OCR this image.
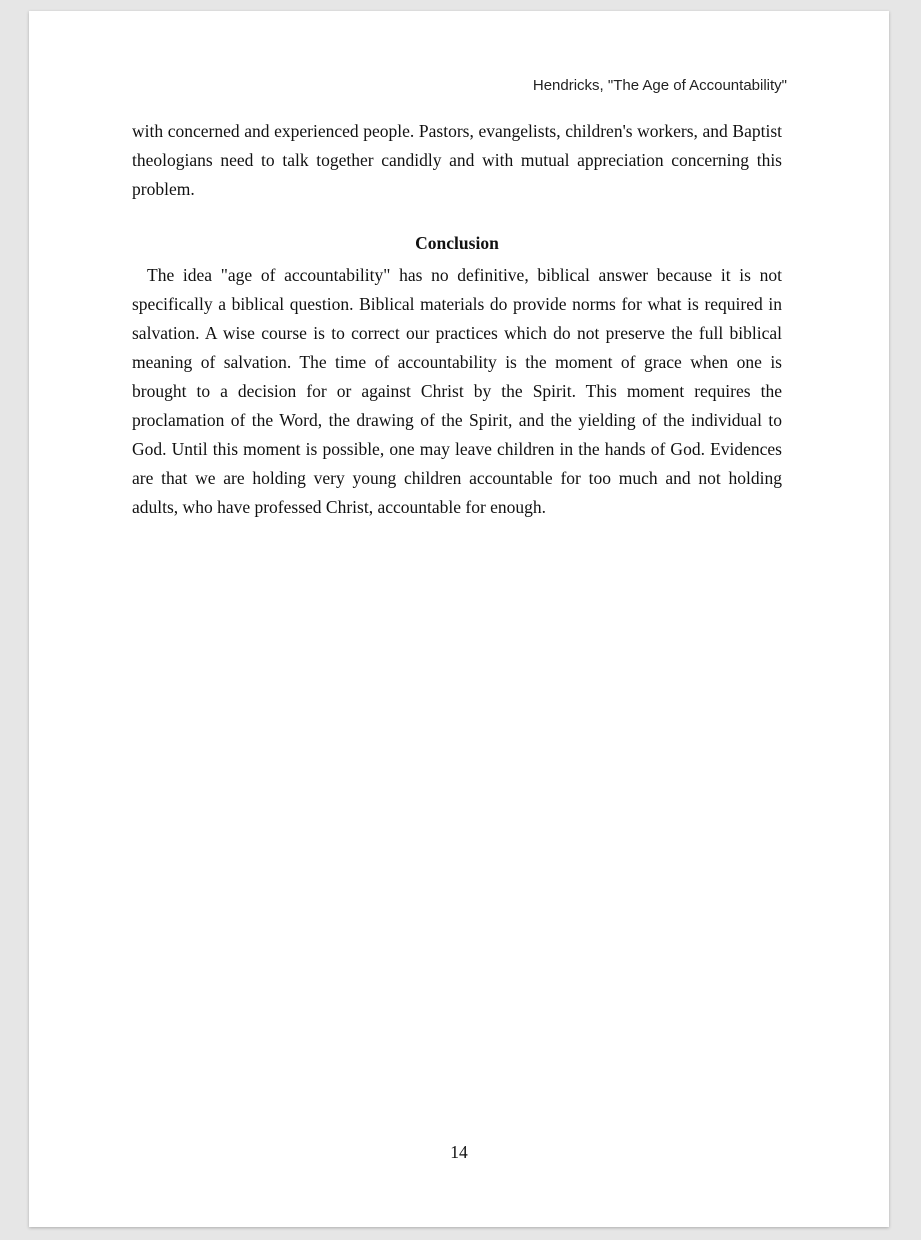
Hendricks, "The Age of Accountability"

with concerned and experienced people. Pastors, evangelists, children's workers, and Baptist theologians need to talk together candidly and with mutual appreciation concerning this problem.

Conclusion

The idea "age of accountability" has no definitive, biblical answer because it is not specifically a biblical question. Biblical materials do provide norms for what is required in salvation. A wise course is to correct our practices which do not preserve the full biblical meaning of salvation. The time of accountability is the moment of grace when one is brought to a decision for or against Christ by the Spirit. This moment requires the proclamation of the Word, the drawing of the Spirit, and the yielding of the individual to God. Until this moment is possible, one may leave children in the hands of God. Evidences are that we are holding very young children accountable for too much and not holding adults, who have professed Christ, accountable for enough.

14
